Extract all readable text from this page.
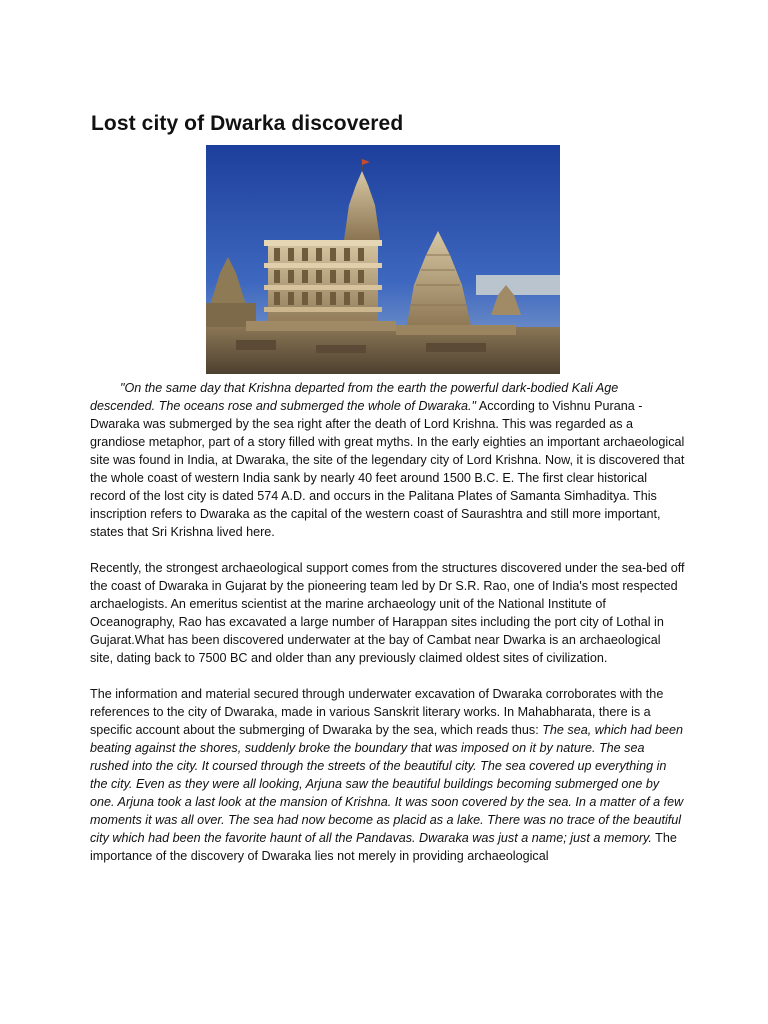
Lost city of Dwarka discovered

"On the same day that Krishna departed from the earth the powerful dark-bodied Kali Age descended. The oceans rose and submerged the whole of Dwaraka." According to Vishnu Purana - Dwaraka was submerged by the sea right after the death of Lord Krishna. This was regarded as a grandiose metaphor, part of a story filled with great myths. In the early eighties an important archaeological site was found in India, at Dwaraka, the site of the legendary city of Lord Krishna. Now, it is discovered that the whole coast of western India sank by nearly 40 feet around 1500 B.C. E. The first clear historical record of the lost city is dated 574 A.D. and occurs in the Palitana Plates of Samanta Simhaditya. This inscription refers to Dwaraka as the capital of the western coast of Saurashtra and still more important, states that Sri Krishna lived here.

Recently, the strongest archaeological support comes from the structures discovered under the sea-bed off the coast of Dwaraka in Gujarat by the pioneering team led by Dr S.R. Rao, one of India's most respected archaelogists. An emeritus scientist at the marine archaeology unit of the National Institute of Oceanography, Rao has excavated a large number of Harappan sites including the port city of Lothal in Gujarat.What has been discovered underwater at the bay of Cambat near Dwarka is an archaeological site, dating back to 7500 BC and older than any previously claimed oldest sites of civilization.

The information and material secured through underwater excavation of Dwaraka corroborates with the references to the city of Dwaraka, made in various Sanskrit literary works. In Mahabharata, there is a specific account about the submerging of Dwaraka by the sea, which reads thus: The sea, which had been beating against the shores, suddenly broke the boundary that was imposed on it by nature. The sea rushed into the city. It coursed through the streets of the beautiful city. The sea covered up everything in the city. Even as they were all looking, Arjuna saw the beautiful buildings becoming submerged one by one. Arjuna took a last look at the mansion of Krishna. It was soon covered by the sea. In a matter of a few moments it was all over. The sea had now become as placid as a lake. There was no trace of the beautiful city which had been the favorite haunt of all the Pandavas. Dwaraka was just a name; just a memory. The importance of the discovery of Dwaraka lies not merely in providing archaeological
